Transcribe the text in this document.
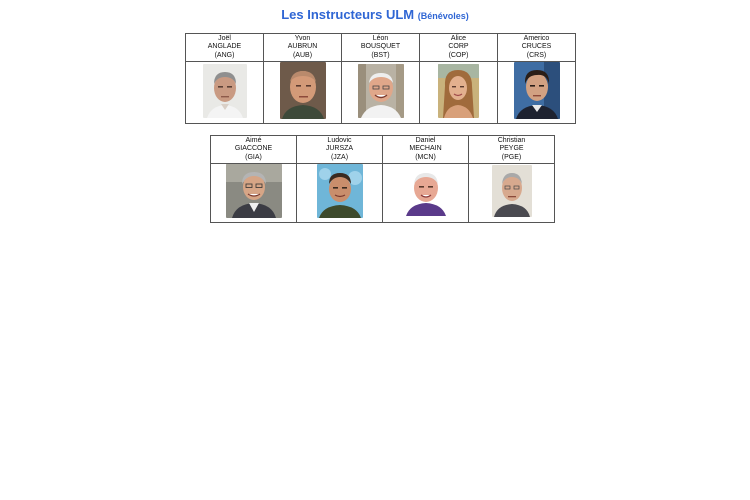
Les Instructeurs ULM (Bénévoles)
Joël
ANGLADE
(ANG)	Yvon
AUBRUN
(AUB)	Léon
BOUSQUET
(BST)	Alice
CORP
(COP)	Americo
CRUCES
(CRS)

Aimé
GIACCONE
(GIA)	Ludovic
JURSZA
(JZA)	Daniel
MECHAIN
(MCN)	Christian
PEYGE
(PGE)
